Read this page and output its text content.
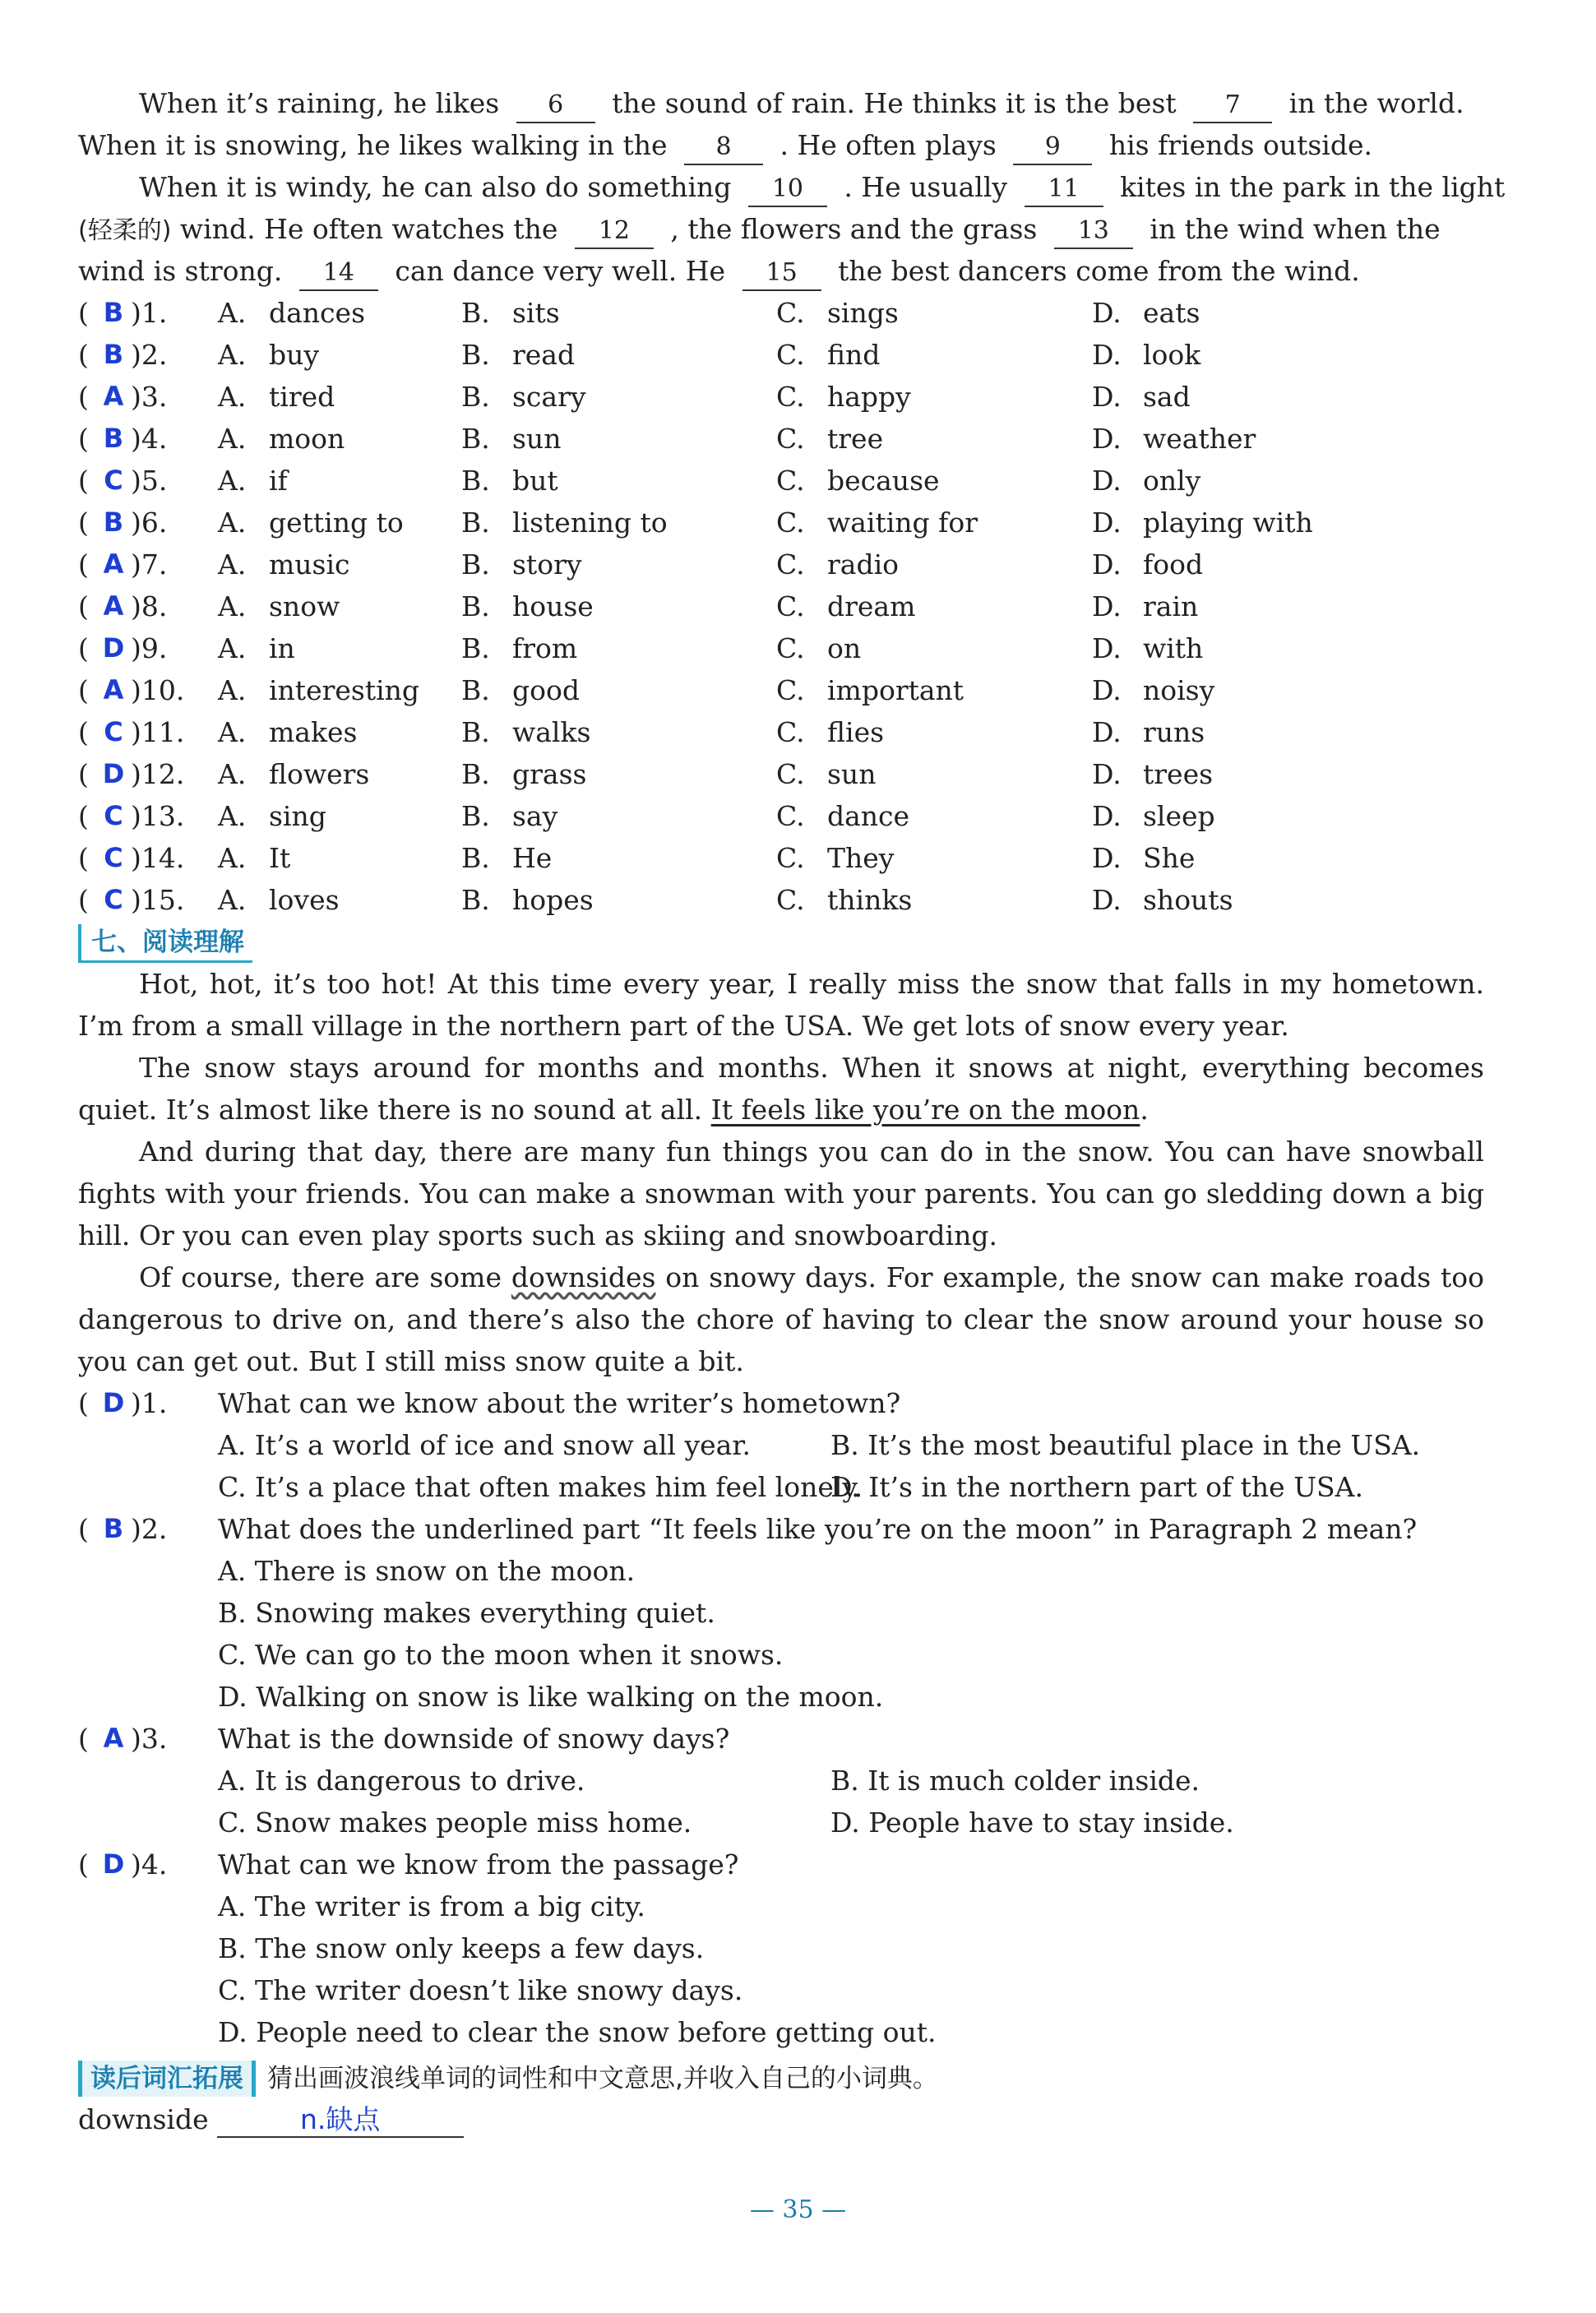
When it’s raining, he likes 6 the sound of rain. He thinks it is the best 7 in the world.
When it is snowing, he likes walking in the 8 . He often plays 9 his friends outside.
When it is windy, he can also do something 10 . He usually 11 kites in the park in the light
(轻柔的) wind. He often watches the 12 , the flowers and the grass 13 in the wind when the
wind is strong. 14 can dance very well. He 15 the best dancers come from the wind.
( B )1.	A. dances	B. sits	C. sings	D. eats
( B )2.	A. buy	B. read	C. find	D. look
( A )3.	A. tired	B. scary	C. happy	D. sad
( B )4.	A. moon	B. sun	C. tree	D. weather
( C )5.	A. if	B. but	C. because	D. only
( B )6.	A. getting to B. listening to	C. waiting for	D. playing with
( A )7.	A. music	B. story	C. radio	D. food
( A )8.	A. snow	B. house	C. dream	D. rain
( D )9.	A. in	B. from	C. on	D. with
( A )10.	A. interesting B. good	C. important	D. noisy
( C )11.	A. makes	B. walks	C. flies	D. runs
( D )12.	A. flowers	B. grass	C. sun	D. trees
( C )13.	A. sing	B. say	C. dance	D. sleep
( C )14.	A. It	B. He	C. They	D. She
( C )15.	A. loves	B. hopes	C. thinks	D. shouts
七、阅读理解
Hot, hot, it’s too hot! At this time every year, I really miss the snow that falls in my hometown. I’m from a small village in the northern part of the USA. We get lots of snow every year.
The snow stays around for months and months. When it snows at night, everything becomes quiet. It’s almost like there is no sound at all. It feels like you’re on the moon.
And during that day, there are many fun things you can do in the snow. You can have snowball fights with your friends. You can make a snowman with your parents. You can go sledding down a big hill. Or you can even play sports such as skiing and snowboarding.
Of course, there are some downsides on snowy days. For example, the snow can make roads too dangerous to drive on, and there’s also the chore of having to clear the snow around your house so you can get out. But I still miss snow quite a bit.
( D )1.	What can we know about the writer’s hometown?
A. It’s a world of ice and snow all year.	B. It’s the most beautiful place in the USA.
C. It’s a place that often makes him feel lonely.
D. It’s in the northern part of the USA.
( B )2.	What does the underlined part “It feels like you’re on the moon” in Paragraph 2 mean?
A. There is snow on the moon.
B. Snowing makes everything quiet.
C. We can go to the moon when it snows.
D. Walking on snow is like walking on the moon.
( A )3.	What is the downside of snowy days?
A. It is dangerous to drive.	B. It is much colder inside.
C. Snow makes people miss home.	D. People have to stay inside.
( D )4.	What can we know from the passage?
A. The writer is from a big city.
B. The snow only keeps a few days.
C. The writer doesn’t like snowy days.
D. People need to clear the snow before getting out.
读后词汇拓展 猜出画波浪线单词的词性和中文意思,并收入自己的小词典。
downside	n.缺点
— 35 —
